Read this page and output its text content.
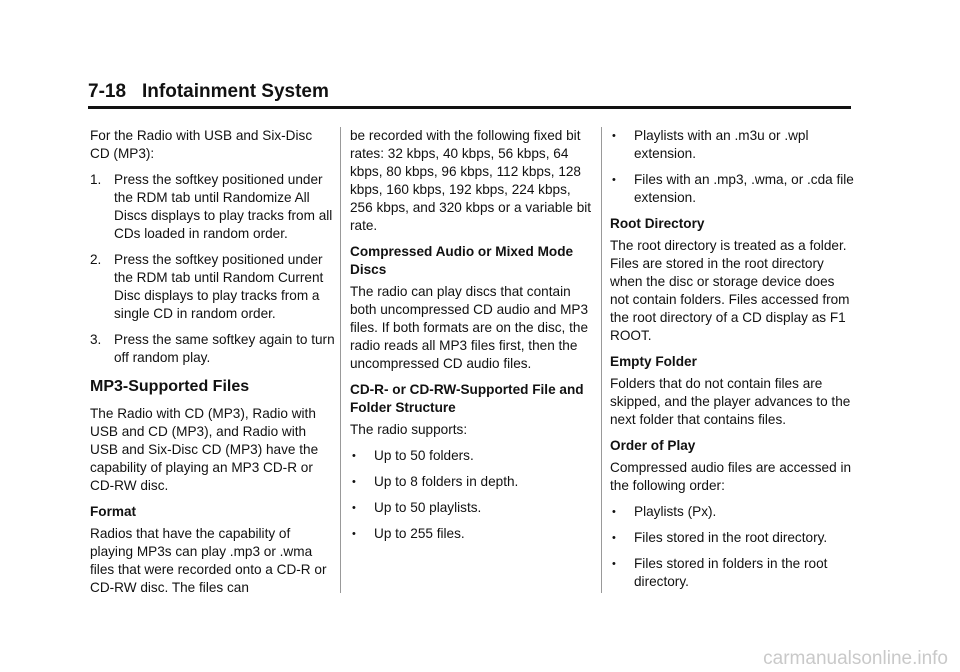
7-18 Infotainment System

For the Radio with USB and Six-Disc CD (MP3):

1. Press the softkey positioned under the RDM tab until Randomize All Discs displays to play tracks from all CDs loaded in random order.
2. Press the softkey positioned under the RDM tab until Random Current Disc displays to play tracks from a single CD in random order.
3. Press the same softkey again to turn off random play.
MP3-Supported Files

The Radio with CD (MP3), Radio with USB and CD (MP3), and Radio with USB and Six-Disc CD (MP3) have the capability of playing an MP3 CD-R or CD-RW disc.

Format

Radios that have the capability of playing MP3s can play .mp3 or .wma files that were recorded onto a CD-R or CD-RW disc. The files can

be recorded with the following fixed bit rates: 32 kbps, 40 kbps, 56 kbps, 64 kbps, 80 kbps, 96 kbps, 112 kbps, 128 kbps, 160 kbps, 192 kbps, 224 kbps, 256 kbps, and 320 kbps or a variable bit rate.

Compressed Audio or Mixed Mode Discs

The radio can play discs that contain both uncompressed CD audio and MP3 files. If both formats are on the disc, the radio reads all MP3 files first, then the uncompressed CD audio files.

CD-R- or CD-RW-Supported File and Folder Structure

The radio supports:

•	Up to 50 folders.
•	Up to 8 folders in depth.
•	Up to 50 playlists.
•	Up to 255 files.
•	Playlists with an .m3u or .wpl extension.
•	Files with an .mp3, .wma, or .cda file extension.

Root Directory

The root directory is treated as a folder. Files are stored in the root directory when the disc or storage device does not contain folders. Files accessed from the root directory of a CD display as F1 ROOT.

Empty Folder

Folders that do not contain files are skipped, and the player advances to the next folder that contains files.

Order of Play

Compressed audio files are accessed in the following order:

•	Playlists (Px).
•	Files stored in the root directory.
•	Files stored in folders in the root directory.
carmanualsonline.info
